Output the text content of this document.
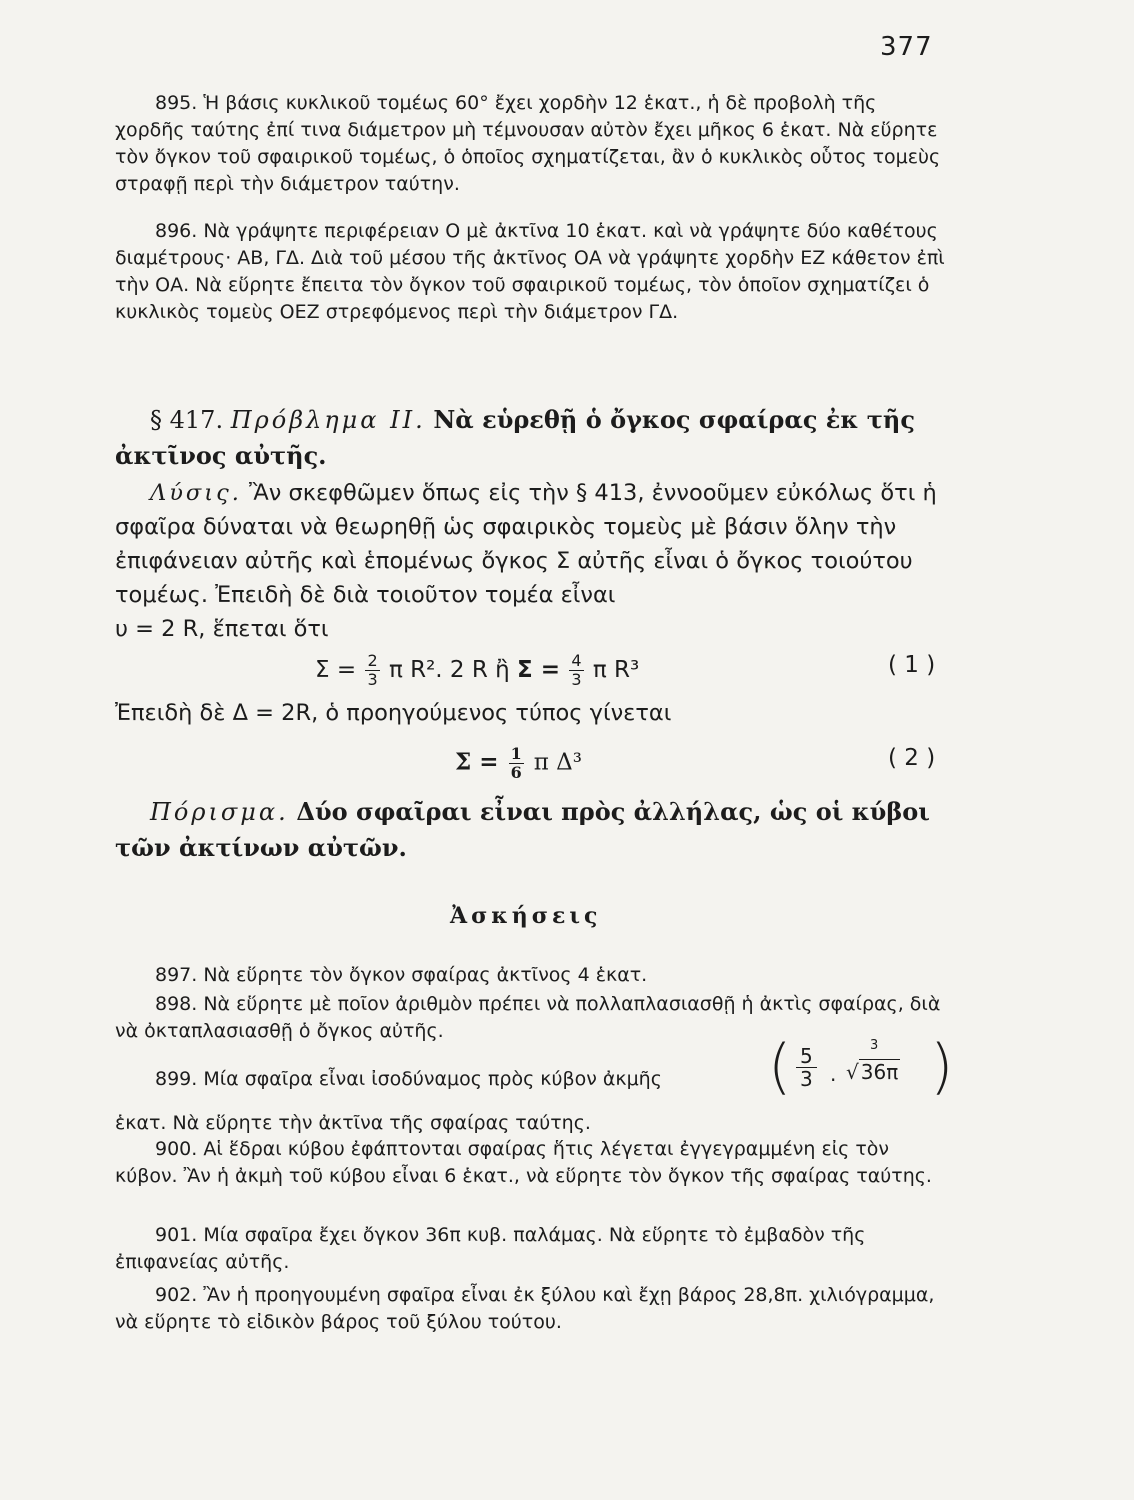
377

895. Ἡ βάσις κυκλικοῦ τομέως 60° ἔχει χορδὴν 12 ἑκατ., ἡ δὲ προβολὴ τῆς χορδῆς ταύτης ἐπί τινα διάμετρον μὴ τέμνουσαν αὐτὸν ἔχει μῆκος 6 ἑκατ. Νὰ εὕρητε τὸν ὄγκον τοῦ σφαιρικοῦ τομέως, ὁ ὁποῖος σχηματίζεται, ἂν ὁ κυκλικὸς οὗτος τομεὺς στραφῇ περὶ τὴν διάμετρον ταύτην.

896. Νὰ γράψητε περιφέρειαν Ο μὲ ἀκτῖνα 10 ἑκατ. καὶ νὰ γράψητε δύο καθέτους διαμέτρους· ΑΒ, ΓΔ. Διὰ τοῦ μέσου τῆς ἀκτῖνος ΟΑ νὰ γράψητε χορδὴν ΕΖ κάθετον ἐπὶ τὴν ΟΑ. Νὰ εὕρητε ἔπειτα τὸν ὄγκον τοῦ σφαιρικοῦ τομέως, τὸν ὁποῖον σχηματίζει ὁ κυκλικὸς τομεὺς ΟΕΖ στρεφόμενος περὶ τὴν διάμετρον ΓΔ.

§ 417. Πρόβλημα ΙΙ. Νὰ εὑρεθῇ ὁ ὄγκος σφαίρας ἐκ τῆς ἀκτῖνος αὐτῆς.
Λύσις. Ἂν σκεφθῶμεν ὅπως εἰς τὴν § 413, ἐννοοῦμεν εὐκόλως ὅτι ἡ σφαῖρα δύναται νὰ θεωρηθῇ ὡς σφαιρικὸς τομεὺς μὲ βάσιν ὅλην τὴν ἐπιφάνειαν αὐτῆς καὶ ἑπομένως ὄγκος Σ αὐτῆς εἶναι ὁ ὄγκος τοιούτου τομέως. Ἐπειδὴ δὲ διὰ τοιοῦτον τομέα εἶναι
υ = 2 R, ἕπεται ὅτι
$\Sigma = \frac{2}{3}$ π R². 2 R ἢ $\Sigma = \frac{4}{3}$ π R³	( 1 )
Ἐπειδὴ δὲ Δ = 2R, ὁ προηγούμενος τύπος γίνεται
$\Sigma = \frac{1}{6}$ π Δ³	( 2 )
Πόρισμα. Δύο σφαῖραι εἶναι πρὸς ἀλλήλας, ὡς οἱ κύβοι τῶν ἀκτίνων αὐτῶν.
Ἀσκήσεις

897. Νὰ εὕρητε τὸν ὄγκον σφαίρας ἀκτῖνος 4 ἑκατ.

898. Νὰ εὕρητε μὲ ποῖον ἀριθμὸν πρέπει νὰ πολλαπλασιασθῇ ἡ ἀκτὶς σφαίρας, διὰ νὰ ὀκταπλασιασθῇ ὁ ὄγκος αὐτῆς.

899. Μία σφαῖρα εἶναι ἰσοδύναμος πρὸς κύβον ἀκμῆς	( $\frac{5}{3}$ .
3
√ 36π )
ἑκατ. Νὰ εὕρητε τὴν ἀκτῖνα τῆς σφαίρας ταύτης.

900. Αἱ ἕδραι κύβου ἐφάπτονται σφαίρας ἥτις λέγεται ἐγγεγραμμένη εἰς τὸν κύβον. Ἂν ἡ ἀκμὴ τοῦ κύβου εἶναι 6 ἑκατ., νὰ εὕρητε τὸν ὄγκον τῆς σφαίρας ταύτης.

901. Μία σφαῖρα ἔχει ὄγκον 36π κυβ. παλάμας. Νὰ εὕρητε τὸ ἐμβαδὸν τῆς ἐπιφανείας αὐτῆς.

902. Ἂν ἡ προηγουμένη σφαῖρα εἶναι ἐκ ξύλου καὶ ἔχῃ βάρος 28,8π. χιλιόγραμμα, νὰ εὕρητε τὸ εἰδικὸν βάρος τοῦ ξύλου τούτου.
